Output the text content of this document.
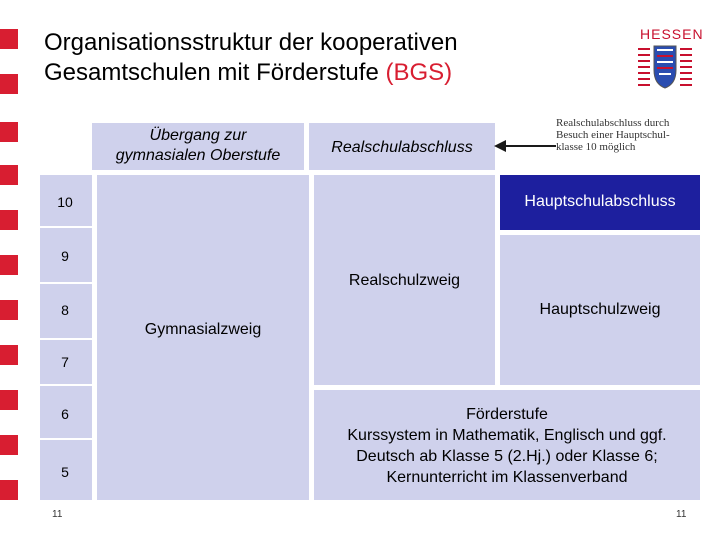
Organisationsstruktur der kooperativen
Gesamtschulen mit Förderstufe (BGS)
HESSEN
Übergang zur
gymnasialen Oberstufe	Realschulabschluss
Realschulabschluss durch
Besuch einer Hauptschul-
klasse 10 möglich
10
9
8
7
6
5
Gymnasialzweig
Realschulzweig
Hauptschulabschluss
Hauptschulzweig
Förderstufe
Kurssystem in Mathematik, Englisch und ggf.
Deutsch ab Klasse 5 (2.Hj.) oder Klasse 6;
Kernunterricht im Klassenverband
11	11
